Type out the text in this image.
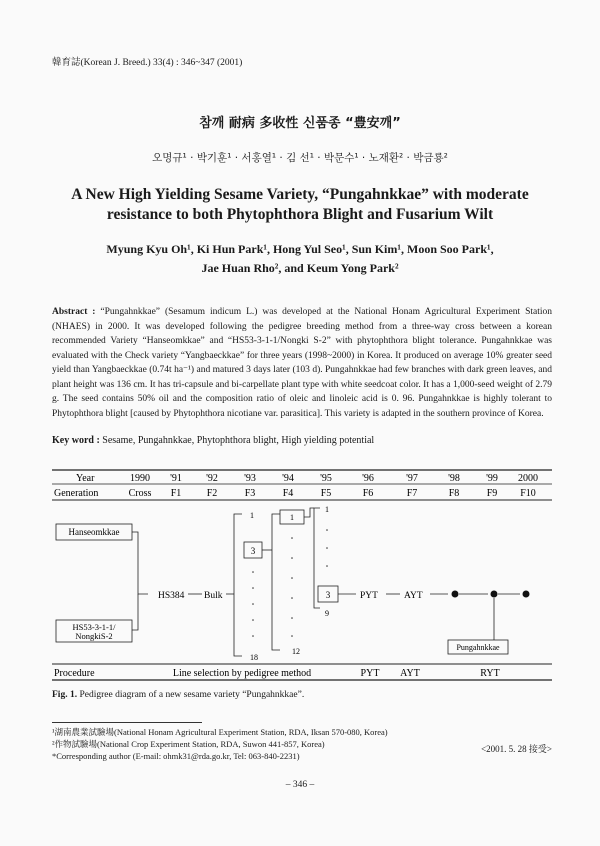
韓育誌(Korean J. Breed.) 33(4) : 346~347 (2001)
참깨 耐病 多收性 신품종 “豊安깨”
오명규¹ · 박기훈¹ · 서홍열¹ · 김 선¹ · 박문수¹ · 노재환² · 박금룡²
A New High Yielding Sesame Variety, “Pungahnkkae” with moderate
resistance to both Phytophthora Blight and Fusarium Wilt
Myung Kyu Oh¹, Ki Hun Park¹, Hong Yul Seo¹, Sun Kim¹, Moon Soo Park¹,
Jae Huan Rho², and Keum Yong Park²
Abstract : “Pungahnkkae” (Sesamum indicum L.) was developed at the National Honam Agricultural Experiment Station (NHAES) in 2000. It was developed following the pedigree breeding method from a three-way cross between a korean recommended Variety “Hanseomkkae” and “HS53-3-1-1/Nongki S-2” with phytophthora blight tolerance. Pungahnkkae was evaluated with the Check variety “Yangbaeckkae” for three years (1998~2000) in Korea. It produced on average 10% greater seed yield than Yangbaeckkae (0.74t ha⁻¹) and matured 3 days later (103 d). Pungahnkkae had few branches with dark green leaves, and plant height was 136 cm. It has tri-capsule and bi-carpellate plant type with white seedcoat color. It has a 1,000-seed weight of 2.79 g. The seed contains 50% oil and the composition ratio of oleic and linoleic acid is 0. 96. Pungahnkkae is highly tolerant to Phytophthora blight [caused by Phytophthora nicotiane var. parasitica]. This variety is adapted in the southern province of Korea.
Key word : Sesame, Pungahnkkae, Phytophthora blight, High yielding potential
Year	1990 '91 '92	'93	'94	'95	'96	'97	'98	'99 2000
Generation	Cross F1	F2	F3	F4	F5	F6	F7	F8	F9 F10
Hanseomkkae
HS53-3-1-1/
NongkiS-2
HS384 Bulk
1
3
18
1
12
1
3
9
PYT	AYT
Pungahnkkae
Procedure	Line selection by pedigree method	PYT AYT	RYT
Fig. 1. Pedigree diagram of a new sesame variety “Pungahnkkae”.
¹湖南農業試驗場(National Honam Agricultural Experiment Station, RDA, Iksan 570-080, Korea)
²作物試驗場(National Crop Experiment Station, RDA, Suwon 441-857, Korea)
*Corresponding author (E-mail: ohmk31@rda.go.kr, Tel: 063-840-2231)
<2001. 5. 28 接受>
– 346 –
